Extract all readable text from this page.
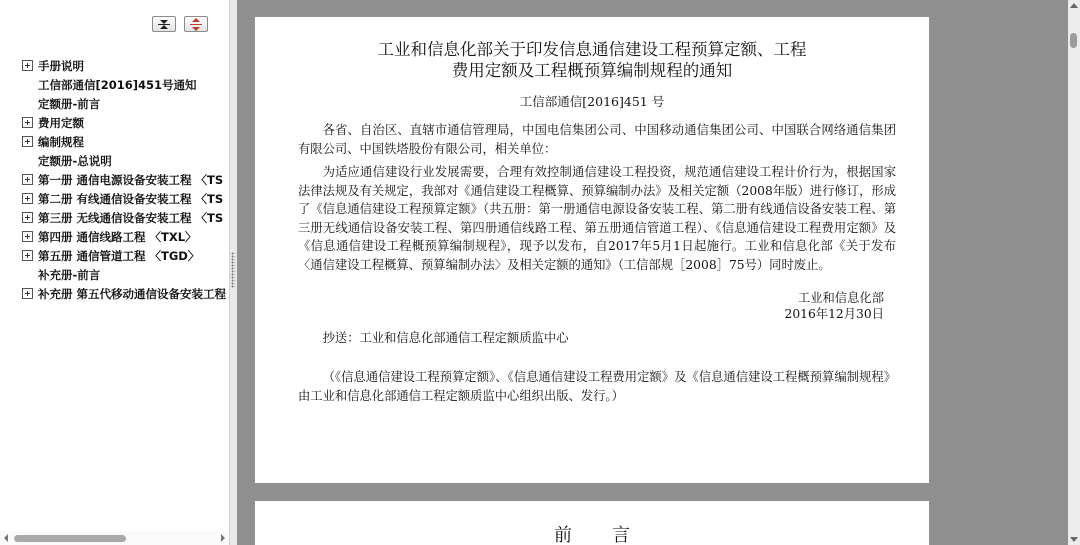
手册说明
工信部通信[2016]451号通知
定额册-前言
费用定额
编制规程
定额册-总说明
第一册 通信电源设备安装工程 〈TS
第二册 有线通信设备安装工程 〈TS
第三册 无线通信设备安装工程 〈TS
第四册 通信线路工程 〈TXL〉
第五册 通信管道工程 〈TGD〉
补充册-前言
补充册 第五代移动通信设备安装工程
工业和信息化部关于印发信息通信建设工程预算定额、工程
费用定额及工程概预算编制规程的通知
工信部通信[2016]451 号

各省、自治区、直辖市通信管理局，中国电信集团公司、中国移动通信集团公司、中国联合网络通信集团有限公司、中国铁塔股份有限公司，相关单位：

为适应通信建设行业发展需要，合理有效控制通信建设工程投资，规范通信建设工程计价行为，根据国家法律法规及有关规定，我部对《通信建设工程概算、预算编制办法》及相关定额（2008年版）进行修订，形成了《信息通信建设工程预算定额》（共五册：第一册通信电源设备安装工程、第二册有线通信设备安装工程、第三册无线通信设备安装工程、第四册通信线路工程、第五册通信管道工程）、《信息通信建设工程费用定额》及《信息通信建设工程概预算编制规程》，现予以发布，自2017年5月1日起施行。工业和信息化部《关于发布〈通信建设工程概算、预算编制办法〉及相关定额的通知》（工信部规［2008］75号）同时废止。

工业和信息化部
2016年12月30日
抄送：工业和信息化部通信工程定额质监中心

（《信息通信建设工程预算定额》、《信息通信建设工程费用定额》及《信息通信建设工程概预算编制规程》由工业和信息化部通信工程定额质监中心组织出版、发行。）

前言
